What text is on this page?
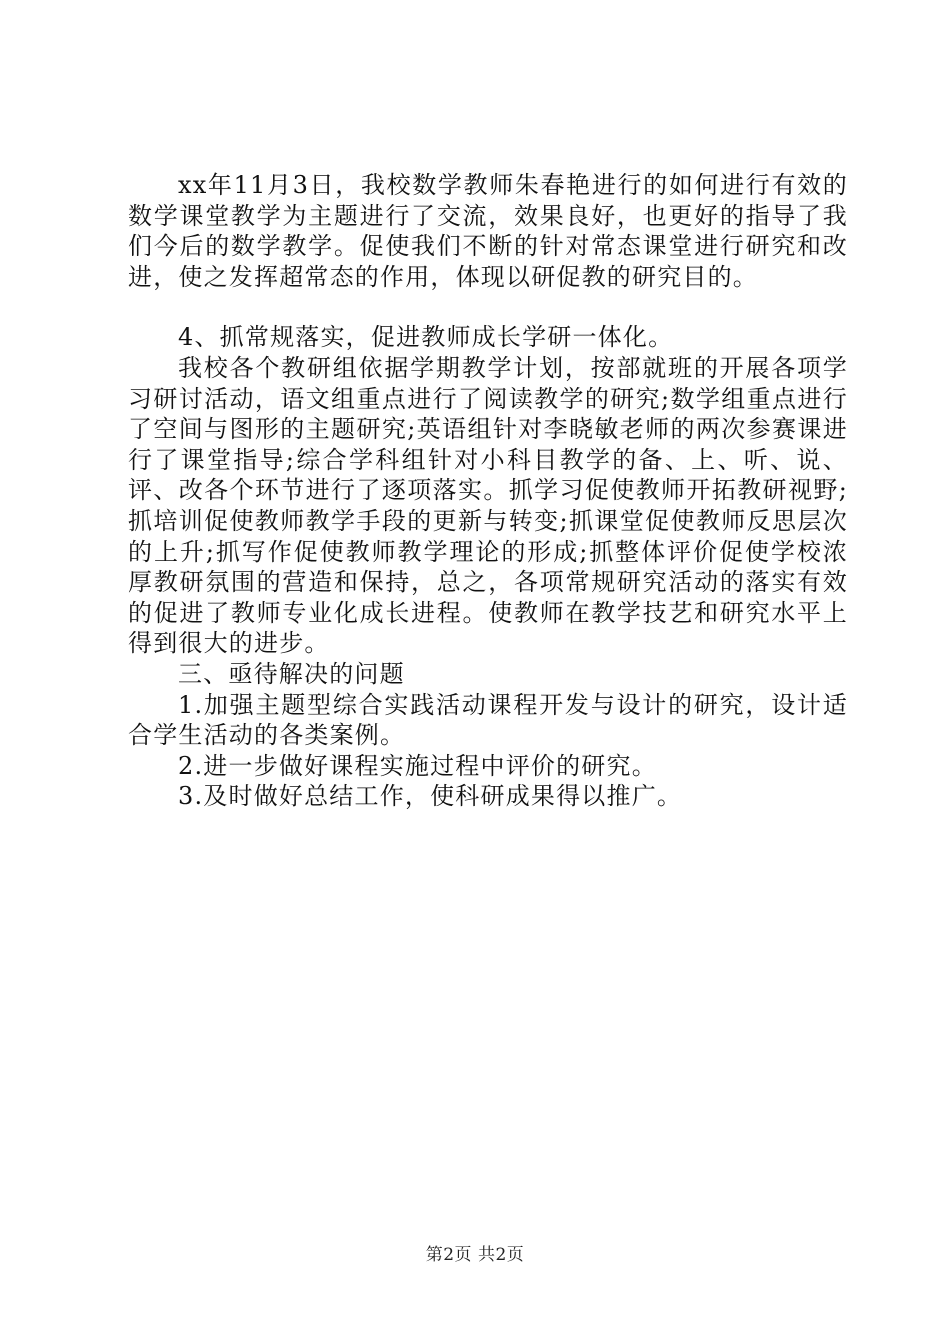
xx年11月3日，我校数学教师朱春艳进行的如何进行有效的数学课堂教学为主题进行了交流，效果良好，也更好的指导了我们今后的数学教学。促使我们不断的针对常态课堂进行研究和改进，使之发挥超常态的作用，体现以研促教的研究目的。

4、抓常规落实，促进教师成长学研一体化。

我校各个教研组依据学期教学计划，按部就班的开展各项学习研讨活动，语文组重点进行了阅读教学的研究;数学组重点进行了空间与图形的主题研究;英语组针对李晓敏老师的两次参赛课进行了课堂指导;综合学科组针对小科目教学的备、上、听、说、评、改各个环节进行了逐项落实。抓学习促使教师开拓教研视野;抓培训促使教师教学手段的更新与转变;抓课堂促使教师反思层次的上升;抓写作促使教师教学理论的形成;抓整体评价促使学校浓厚教研氛围的营造和保持，总之，各项常规研究活动的落实有效的促进了教师专业化成长进程。使教师在教学技艺和研究水平上得到很大的进步。

三、亟待解决的问题

1.加强主题型综合实践活动课程开发与设计的研究，设计适合学生活动的各类案例。

2.进一步做好课程实施过程中评价的研究。

3.及时做好总结工作，使科研成果得以推广。

第2页 共2页
